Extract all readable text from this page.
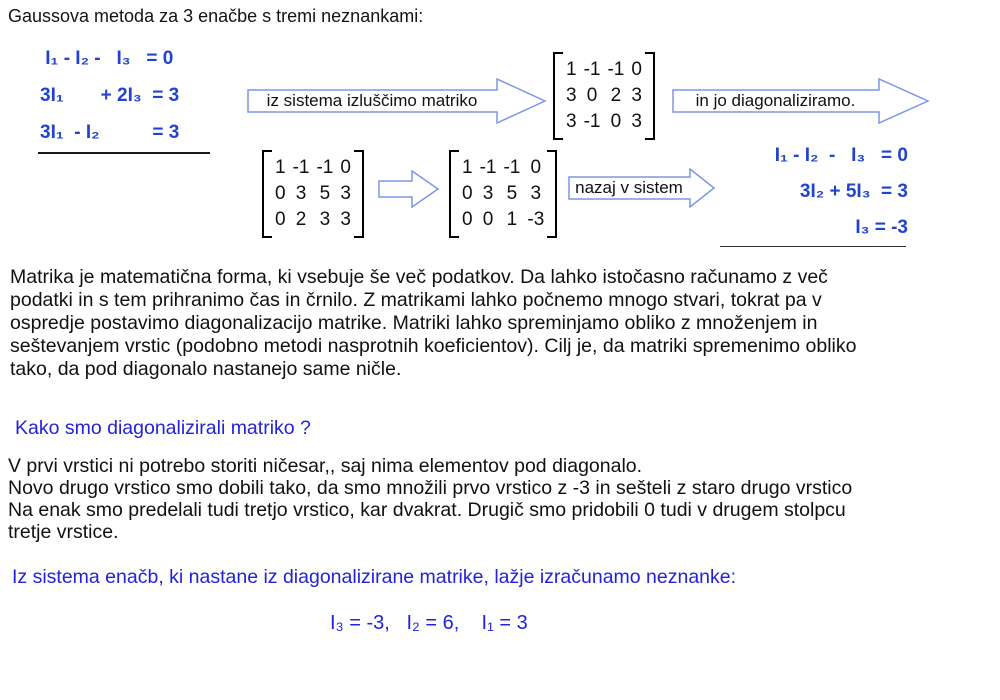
Gaussova metoda za 3 enačbe s tremi neznankami:
I₁ - I₂ -   I₃   = 0
3I₁       + 2I₃  = 3
3I₁  - I₂          = 3
iz sistema izluščimo matriko
1 -1 -1 0
3 0 2 3
3 -1 0 3
in jo diagonaliziramo.
1 -1 -1 0
0 3 5 3
0 2 3 3
1 -1 -1 0
0 3 5 3
0 0 1 -3
nazaj v sistem
I₁ - I₂  -   I₃   = 0
3I₂ + 5I₃  = 3
I₃ = -3
Matrika je matematična forma, ki vsebuje še več podatkov. Da lahko istočasno računamo z več
podatki in s tem prihranimo čas in črnilo. Z matrikami lahko počnemo mnogo stvari, tokrat pa v
ospredje postavimo diagonalizacijo matrike. Matriki lahko spreminjamo obliko z množenjem in
seštevanjem vrstic (podobno metodi nasprotnih koeficientov). Cilj je, da matriki spremenimo obliko
tako, da pod diagonalo nastanejo same ničle.
Kako smo diagonalizirali matriko ?
V prvi vrstici ni potrebo storiti ničesar,, saj nima elementov pod diagonalo.
Novo drugo vrstico smo dobili tako, da smo množili prvo vrstico z -3 in sešteli z staro drugo vrstico
Na enak smo predelali tudi tretjo vrstico, kar dvakrat. Drugič smo pridobili 0 tudi v drugem stolpcu
tretje vrstice.
Iz sistema enačb, ki nastane iz diagonalizirane matrike, lažje izračunamo neznanke:
I₃ = -3,   I₂ = 6,    I₁ = 3
